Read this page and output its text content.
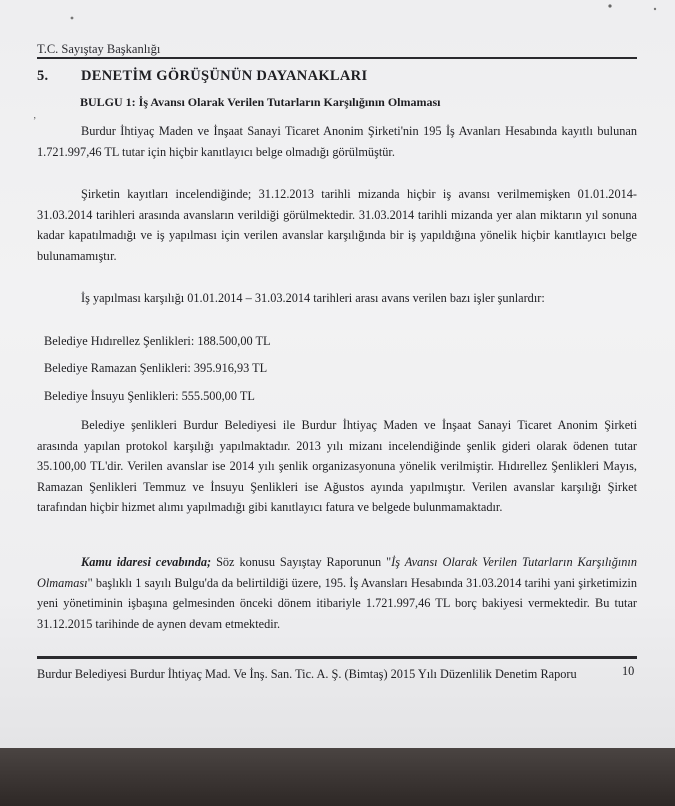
T.C. Sayıştay Başkanlığı
5. DENETİM GÖRÜŞÜNÜN DAYANAKLARI
BULGU 1: İş Avansı Olarak Verilen Tutarların Karşılığının Olmaması
ʼ

Burdur İhtiyaç Maden ve İnşaat Sanayi Ticaret Anonim Şirketi'nin 195 İş Avanları Hesabında kayıtlı bulunan 1.721.997,46 TL tutar için hiçbir kanıtlayıcı belge olmadığı görülmüştür.

Şirketin kayıtları incelendiğinde; 31.12.2013 tarihli mizanda hiçbir iş avansı verilmemişken 01.01.2014-31.03.2014 tarihleri arasında avansların verildiği görülmektedir. 31.03.2014 tarihli mizanda yer alan miktarın yıl sonuna kadar kapatılmadığı ve iş yapılması için verilen avanslar karşılığında bir iş yapıldığına yönelik hiçbir kanıtlayıcı belge bulunamamıştır.

İş yapılması karşılığı 01.01.2014 – 31.03.2014 tarihleri arası avans verilen bazı işler şunlardır:

Belediye Hıdırellez Şenlikleri: 188.500,00 TL

Belediye Ramazan Şenlikleri: 395.916,93 TL

Belediye İnsuyu Şenlikleri: 555.500,00 TL

Belediye şenlikleri Burdur Belediyesi ile Burdur İhtiyaç Maden ve İnşaat Sanayi Ticaret Anonim Şirketi arasında yapılan protokol karşılığı yapılmaktadır. 2013 yılı mizanı incelendiğinde şenlik gideri olarak ödenen tutar 35.100,00 TL'dir. Verilen avanslar ise 2014 yılı şenlik organizasyonuna yönelik verilmiştir. Hıdırellez Şenlikleri Mayıs, Ramazan Şenlikleri Temmuz ve İnsuyu Şenlikleri ise Ağustos ayında yapılmıştır. Verilen avanslar karşılığı Şirket tarafından hiçbir hizmet alımı yapılmadığı gibi kanıtlayıcı fatura ve belgede bulunmamaktadır.

Kamu idaresi cevabında; Söz konusu Sayıştay Raporunun "İş Avansı Olarak Verilen Tutarların Karşılığının Olmaması" başlıklı 1 sayılı Bulgu'da da belirtildiği üzere, 195. İş Avansları Hesabında 31.03.2014 tarihi yani şirketimizin yeni yönetiminin işbaşına gelmesinden önceki dönem itibariyle 1.721.997,46 TL borç bakiyesi vermektedir. Bu tutar 31.12.2015 tarihinde de aynen devam etmektedir.

Burdur Belediyesi Burdur İhtiyaç Mad. Ve İnş. San. Tic. A. Ş. (Bimtaş) 2015 Yılı Düzenlilik Denetim Raporu	10
